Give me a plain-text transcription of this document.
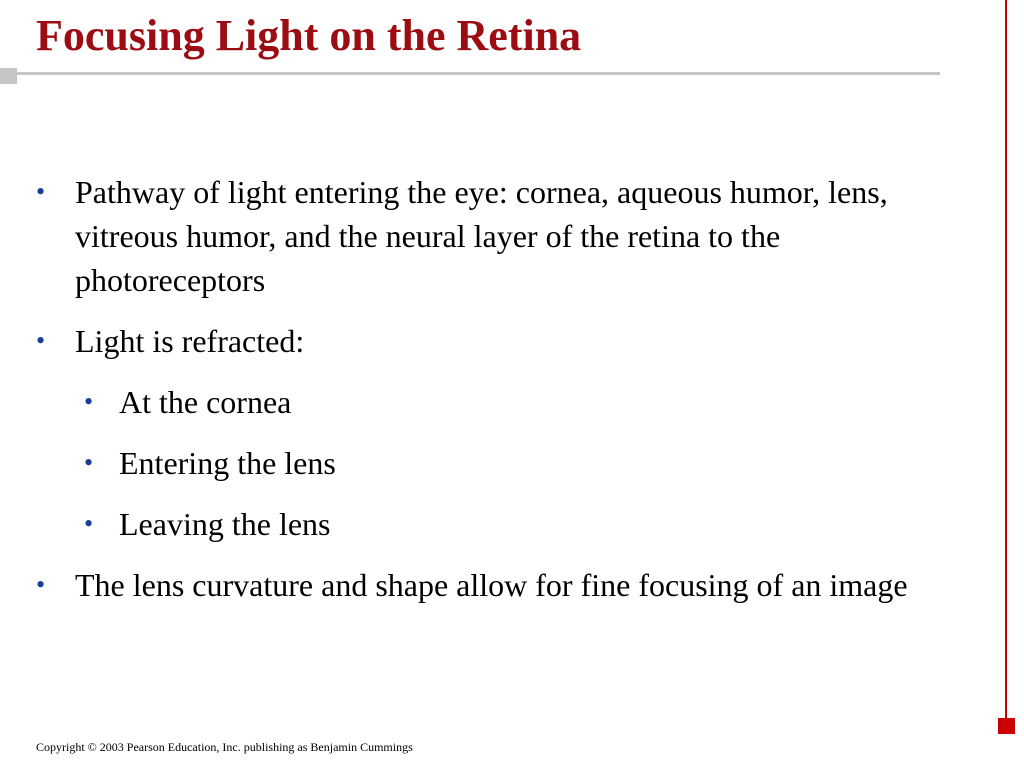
Focusing Light on the Retina
• Pathway of light entering the eye: cornea, aqueous humor, lens, vitreous humor, and the neural layer of the retina to the photoreceptors
• Light is refracted:
• At the cornea
• Entering the lens
• Leaving the lens
• The lens curvature and shape allow for fine focusing of an image
Copyright © 2003 Pearson Education, Inc. publishing as Benjamin Cummings
